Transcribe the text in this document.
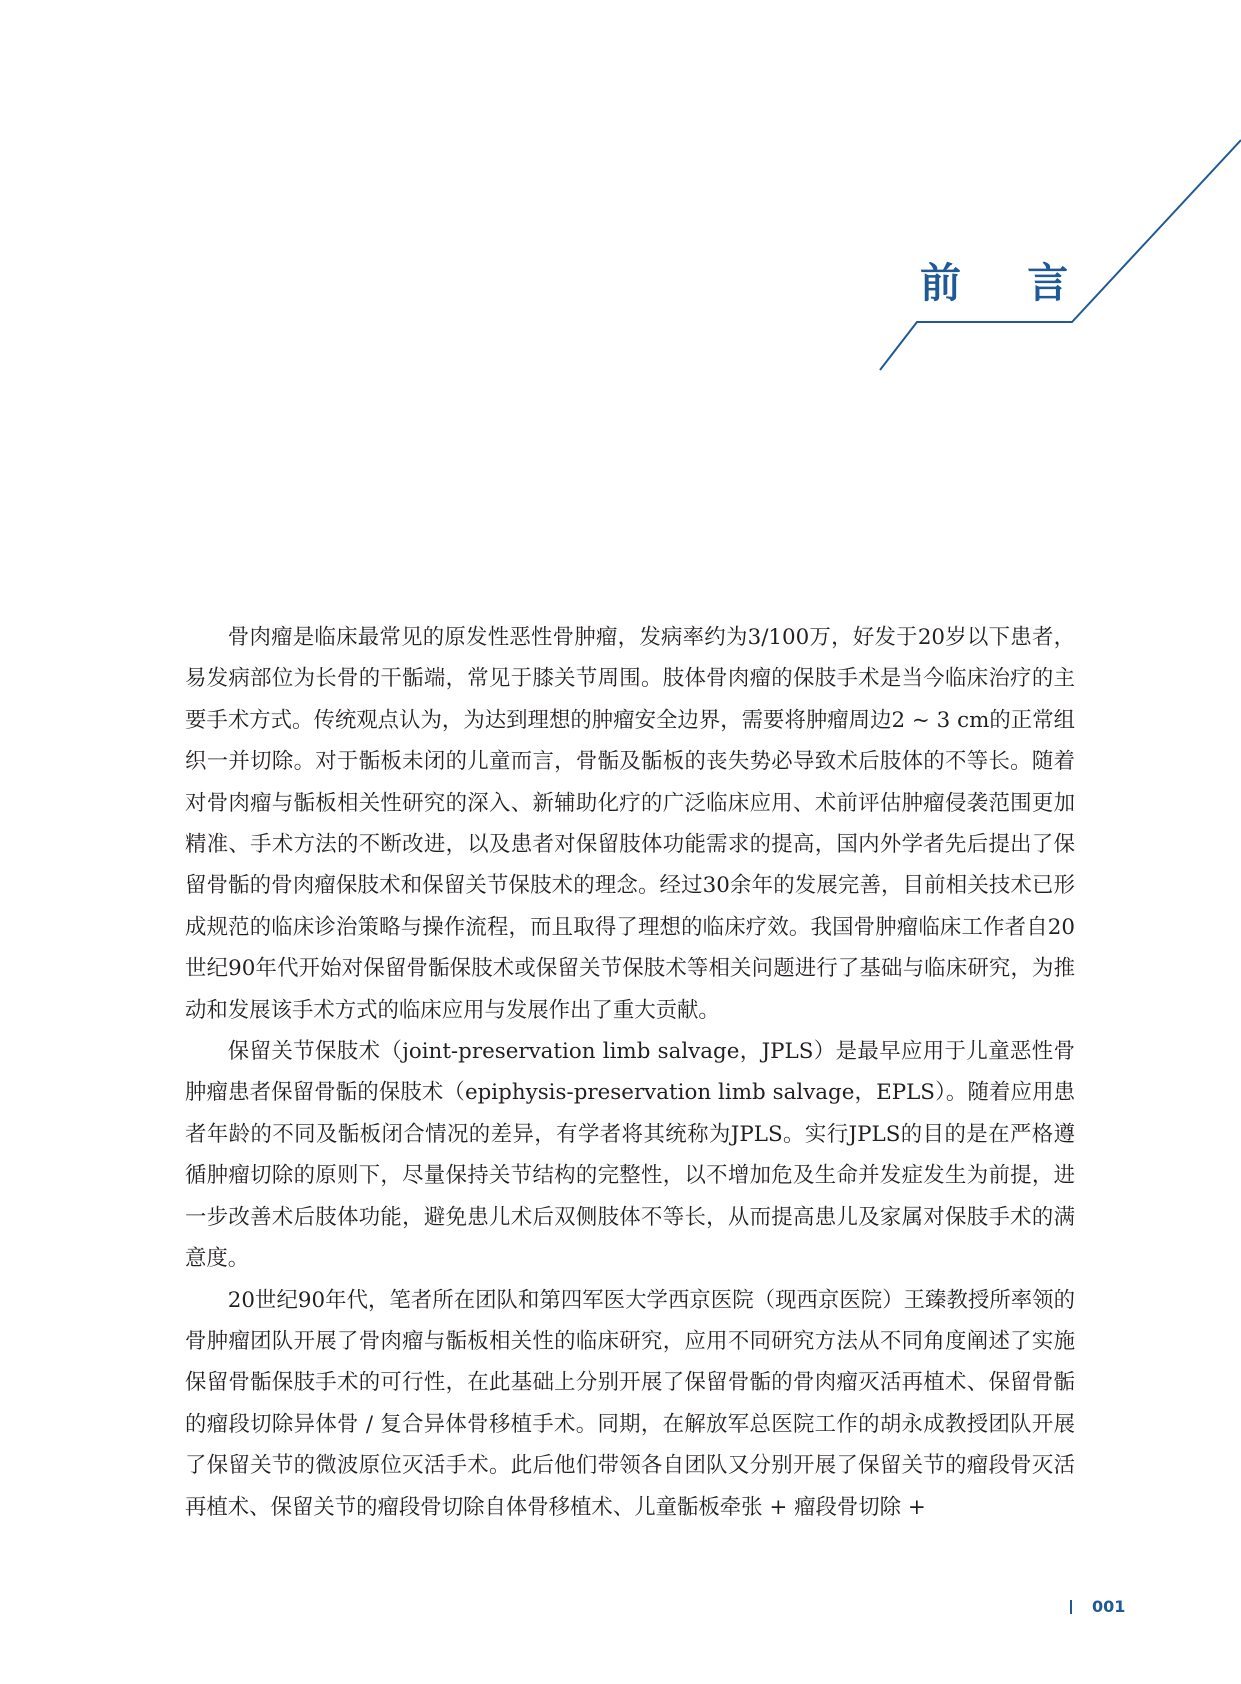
前 言

骨肉瘤是临床最常见的原发性恶性骨肿瘤，发病率约为3/100万，好发于20岁以下患者，易发病部位为长骨的干骺端，常见于膝关节周围。肢体骨肉瘤的保肢手术是当今临床治疗的主要手术方式。传统观点认为，为达到理想的肿瘤安全边界，需要将肿瘤周边2 ~ 3 cm的正常组织一并切除。对于骺板未闭的儿童而言，骨骺及骺板的丧失势必导致术后肢体的不等长。随着对骨肉瘤与骺板相关性研究的深入、新辅助化疗的广泛临床应用、术前评估肿瘤侵袭范围更加精准、手术方法的不断改进，以及患者对保留肢体功能需求的提高，国内外学者先后提出了保留骨骺的骨肉瘤保肢术和保留关节保肢术的理念。经过30余年的发展完善，目前相关技术已形成规范的临床诊治策略与操作流程，而且取得了理想的临床疗效。我国骨肿瘤临床工作者自20世纪90年代开始对保留骨骺保肢术或保留关节保肢术等相关问题进行了基础与临床研究，为推动和发展该手术方式的临床应用与发展作出了重大贡献。

保留关节保肢术（joint-preservation limb salvage，JPLS）是最早应用于儿童恶性骨肿瘤患者保留骨骺的保肢术（epiphysis-preservation limb salvage，EPLS）。随着应用患者年龄的不同及骺板闭合情况的差异，有学者将其统称为JPLS。实行JPLS的目的是在严格遵循肿瘤切除的原则下，尽量保持关节结构的完整性，以不增加危及生命并发症发生为前提，进一步改善术后肢体功能，避免患儿术后双侧肢体不等长，从而提高患儿及家属对保肢手术的满意度。

20世纪90年代，笔者所在团队和第四军医大学西京医院（现西京医院）王臻教授所率领的骨肿瘤团队开展了骨肉瘤与骺板相关性的临床研究，应用不同研究方法从不同角度阐述了实施保留骨骺保肢手术的可行性，在此基础上分别开展了保留骨骺的骨肉瘤灭活再植术、保留骨骺的瘤段切除异体骨 / 复合异体骨移植手术。同期，在解放军总医院工作的胡永成教授团队开展了保留关节的微波原位灭活手术。此后他们带领各自团队又分别开展了保留关节的瘤段骨灭活再植术、保留关节的瘤段骨切除自体骨移植术、儿童骺板牵张 + 瘤段骨切除 +

001
